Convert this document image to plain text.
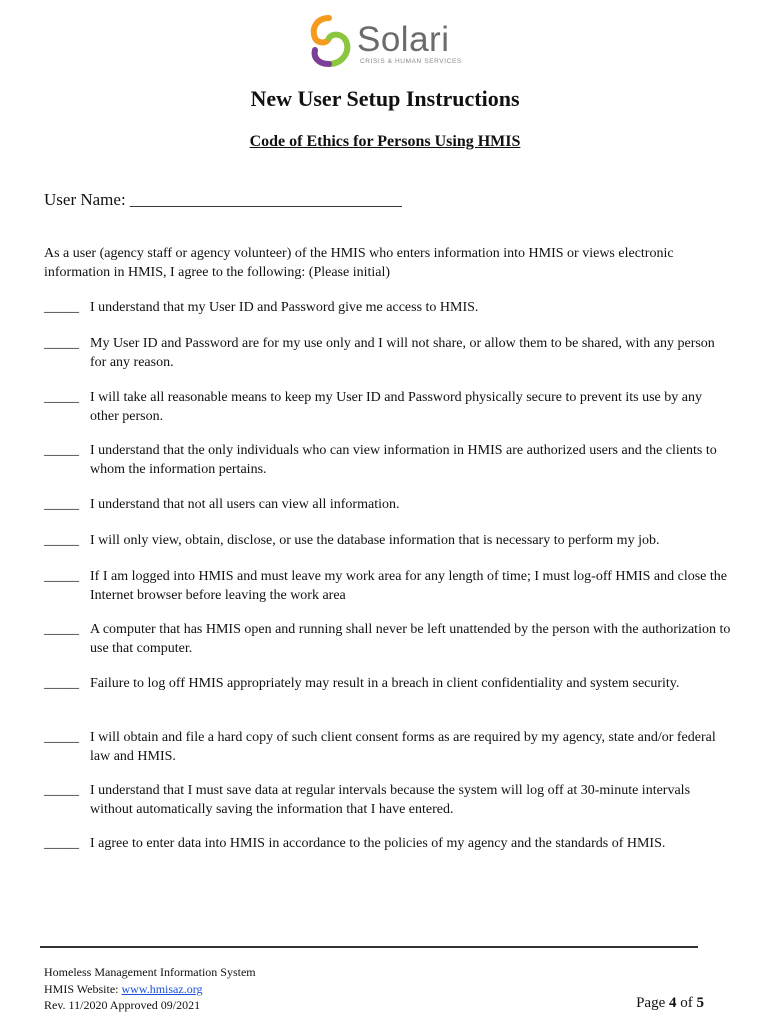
Solari
CRISIS & HUMAN SERVICES
New User Setup Instructions
Code of Ethics for Persons Using HMIS
User Name: ________________________________
As a user (agency staff or agency volunteer) of the HMIS who enters information into HMIS or views electronic information in HMIS, I agree to the following: (Please initial)
_____ I understand that my User ID and Password give me access to HMIS.
_____ My User ID and Password are for my use only and I will not share, or allow them to be shared, with any person for any reason.
_____ I will take all reasonable means to keep my User ID and Password physically secure to prevent its use by any other person.
_____ I understand that the only individuals who can view information in HMIS are authorized users and the clients to whom the information pertains.
_____ I understand that not all users can view all information.
_____ I will only view, obtain, disclose, or use the database information that is necessary to perform my job.
_____ If I am logged into HMIS and must leave my work area for any length of time; I must log-off HMIS and close the Internet browser before leaving the work area
_____ A computer that has HMIS open and running shall never be left unattended by the person with the authorization to use that computer.
_____ Failure to log off HMIS appropriately may result in a breach in client confidentiality and system security.
_____ I will obtain and file a hard copy of such client consent forms as are required by my agency, state and/or federal law and HMIS.
_____ I understand that I must save data at regular intervals because the system will log off at 30-minute intervals without automatically saving the information that I have entered.
_____ I agree to enter data into HMIS in accordance to the policies of my agency and the standards of HMIS.
Homeless Management Information System
HMIS Website: www.hmisaz.org
Rev. 11/2020 Approved 09/2021	Page 4 of 5
